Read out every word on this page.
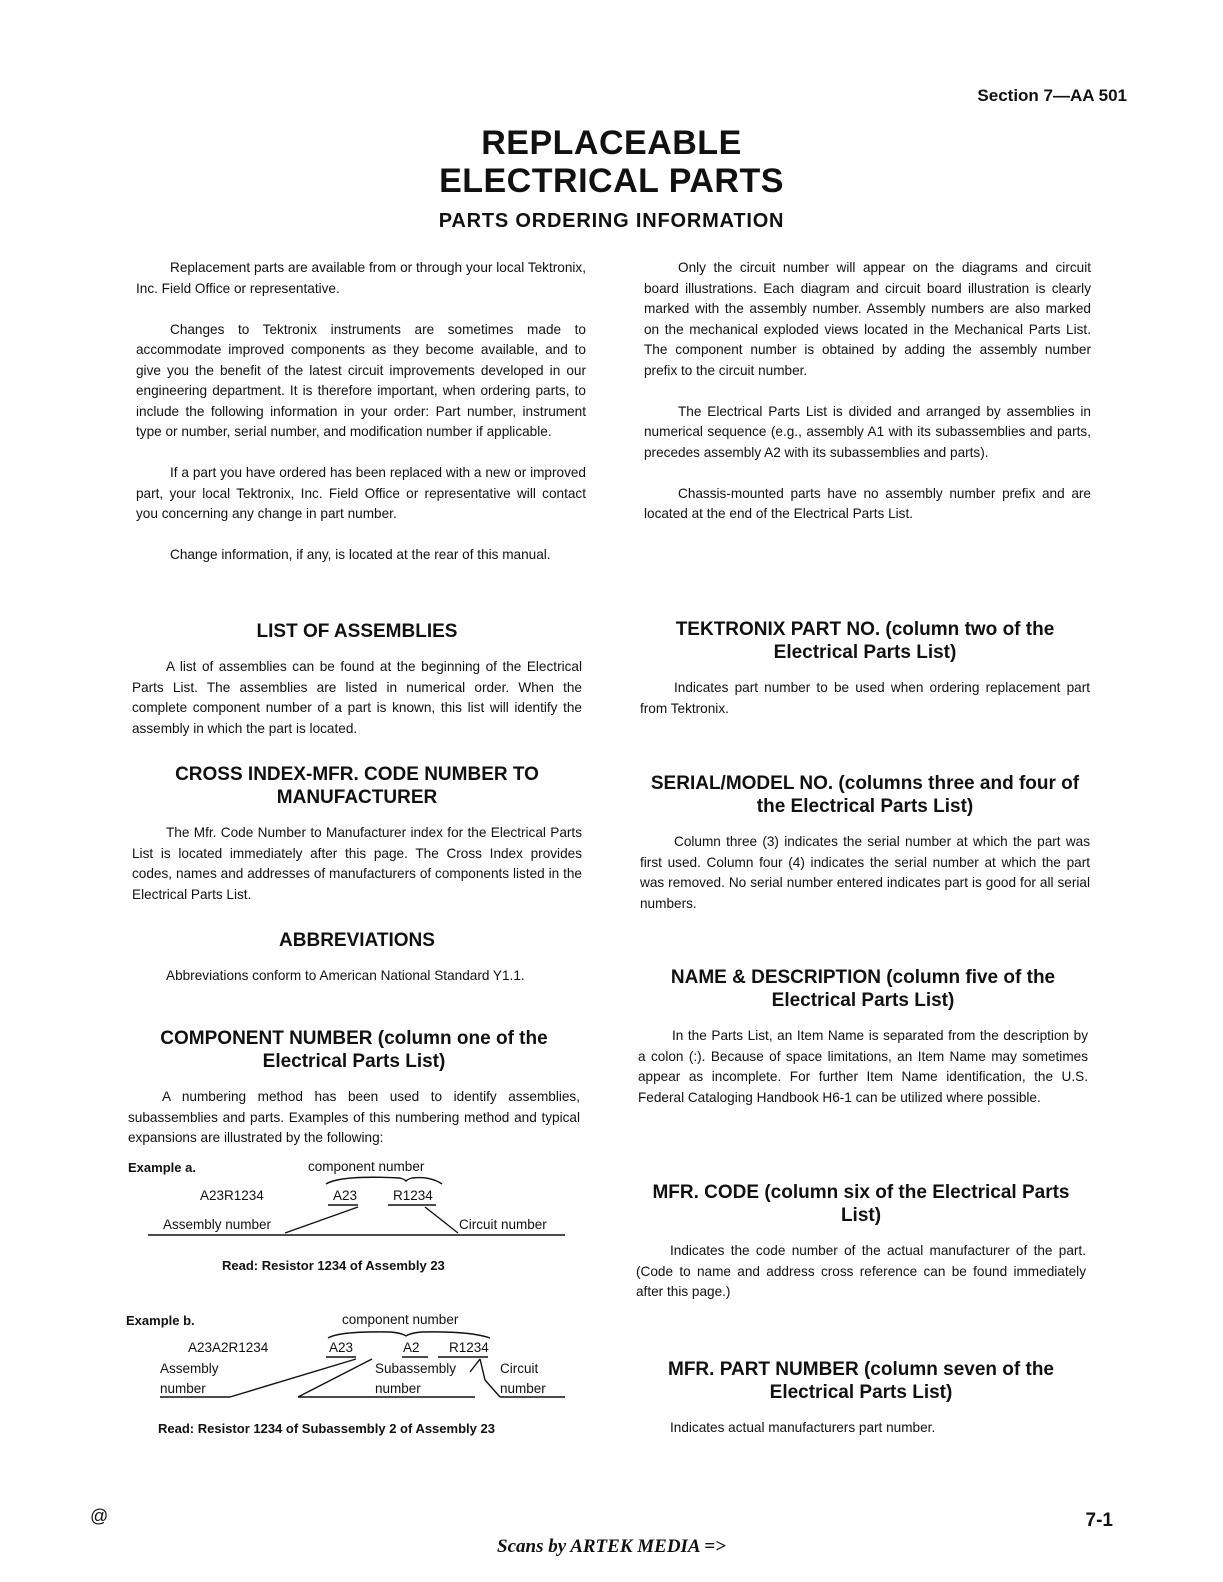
Section 7—AA 501
REPLACEABLE
ELECTRICAL PARTS
PARTS ORDERING INFORMATION

Replacement parts are available from or through your local Tektronix, Inc. Field Office or representative.

Changes to Tektronix instruments are sometimes made to accommodate improved components as they become available, and to give you the benefit of the latest circuit improvements developed in our engineering department. It is therefore important, when ordering parts, to include the following information in your order: Part number, instrument type or number, serial number, and modification number if applicable.

If a part you have ordered has been replaced with a new or improved part, your local Tektronix, Inc. Field Office or representative will contact you concerning any change in part number.

Change information, if any, is located at the rear of this manual.

LIST OF ASSEMBLIES

A list of assemblies can be found at the beginning of the Electrical Parts List. The assemblies are listed in numerical order. When the complete component number of a part is known, this list will identify the assembly in which the part is located.

CROSS INDEX-MFR. CODE NUMBER TO MANUFACTURER

The Mfr. Code Number to Manufacturer index for the Electrical Parts List is located immediately after this page. The Cross Index provides codes, names and addresses of manufacturers of components listed in the Electrical Parts List.

ABBREVIATIONS

Abbreviations conform to American National Standard Y1.1.

COMPONENT NUMBER (column one of the Electrical Parts List)

A numbering method has been used to identify assemblies, subassemblies and parts. Examples of this numbering method and typical expansions are illustrated by the following:

Example a.	component number
A23R1234	A23	R1234
Assembly number	Circuit number
Read: Resistor 1234 of Assembly 23
Example b.	component number
A23A2R1234	A23	A2 R1234
Assembly
number
Subassembly
number
Circuit
number
Read: Resistor 1234 of Subassembly 2 of Assembly 23

Only the circuit number will appear on the diagrams and circuit board illustrations. Each diagram and circuit board illustration is clearly marked with the assembly number. Assembly numbers are also marked on the mechanical exploded views located in the Mechanical Parts List. The component number is obtained by adding the assembly number prefix to the circuit number.

The Electrical Parts List is divided and arranged by assemblies in numerical sequence (e.g., assembly A1 with its subassemblies and parts, precedes assembly A2 with its subassemblies and parts).

Chassis-mounted parts have no assembly number prefix and are located at the end of the Electrical Parts List.

TEKTRONIX PART NO. (column two of the Electrical Parts List)

Indicates part number to be used when ordering replacement part from Tektronix.

SERIAL/MODEL NO. (columns three and four of the Electrical Parts List)

Column three (3) indicates the serial number at which the part was first used. Column four (4) indicates the serial number at which the part was removed. No serial number entered indicates part is good for all serial numbers.

NAME & DESCRIPTION (column five of the Electrical Parts List)

In the Parts List, an Item Name is separated from the description by a colon (:). Because of space limitations, an Item Name may sometimes appear as incomplete. For further Item Name identification, the U.S. Federal Cataloging Handbook H6-1 can be utilized where possible.

MFR. CODE (column six of the Electrical Parts List)

Indicates the code number of the actual manufacturer of the part. (Code to name and address cross reference can be found immediately after this page.)

MFR. PART NUMBER (column seven of the Electrical Parts List)

Indicates actual manufacturers part number.

@	7-1
Scans by ARTEK MEDIA =>
